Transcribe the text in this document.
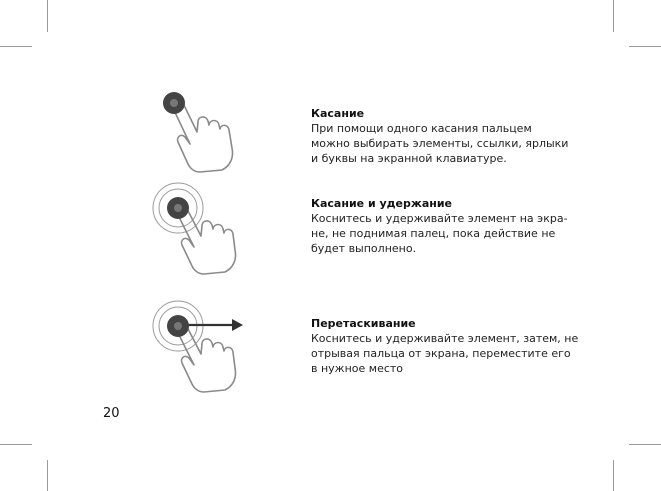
Касание

При помощи одного касания пальцем
можно выбирать элементы, ссылки, ярлыки
и буквы на экранной клавиатуре.

Касание и удержание

Коснитесь и удерживайте элемент на экра-
не, не поднимая палец, пока действие не
будет выполнено.

Перетаскивание

Коснитесь и удерживайте элемент, затем, не
отрывая пальца от экрана, переместите его
в нужное место

20
